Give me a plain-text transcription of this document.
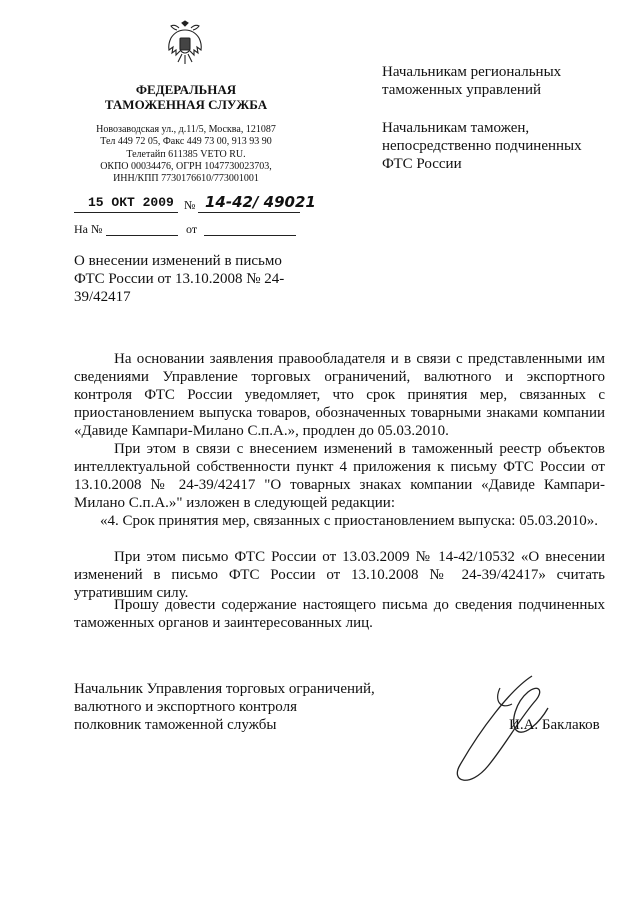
ФЕДЕРАЛЬНАЯ
ТАМОЖЕННАЯ СЛУЖБА
Новозаводская ул., д.11/5, Москва, 121087
Тел 449 72 05, Факс 449 73 00, 913 93 90
Телетайп 611385 VETO RU.
ОКПО 00034476, ОГРН 1047730023703,
ИНН/КПП 7730176610/773001001
15 ОКТ 2009 № 14-42/ 49021
На №	от
Начальникам региональных
таможенных управлений
Начальникам таможен,
непосредственно подчиненных
ФТС России
О внесении изменений в письмо
ФТС России от 13.10.2008 № 24-
39/42417
На основании заявления правообладателя и в связи с представленными им сведениями Управление торговых ограничений, валютного и экспортного контроля ФТС России уведомляет, что срок принятия мер, связанных с приостановлением выпуска товаров, обозначенных товарными знаками компании «Давиде Кампари-Милано С.п.А.», продлен до 05.03.2010.
При этом в связи с внесением изменений в таможенный реестр объектов интеллектуальной собственности пункт 4 приложения к письму ФТС России от 13.10.2008 № 24-39/42417 "О товарных знаках компании «Давиде Кампари-Милано С.п.А.»" изложен в следующей редакции:
«4. Срок принятия мер, связанных с приостановлением выпуска: 05.03.2010».
При этом письмо ФТС России от 13.03.2009 № 14-42/10532 «О внесении изменений в письмо ФТС России от 13.10.2008 № 24-39/42417» считать утратившим силу.
Прошу довести содержание настоящего письма до сведения подчиненных таможенных органов и заинтересованных лиц.
Начальник Управления торговых ограничений,
валютного и экспортного контроля
полковник таможенной службы	И.А. Баклаков
